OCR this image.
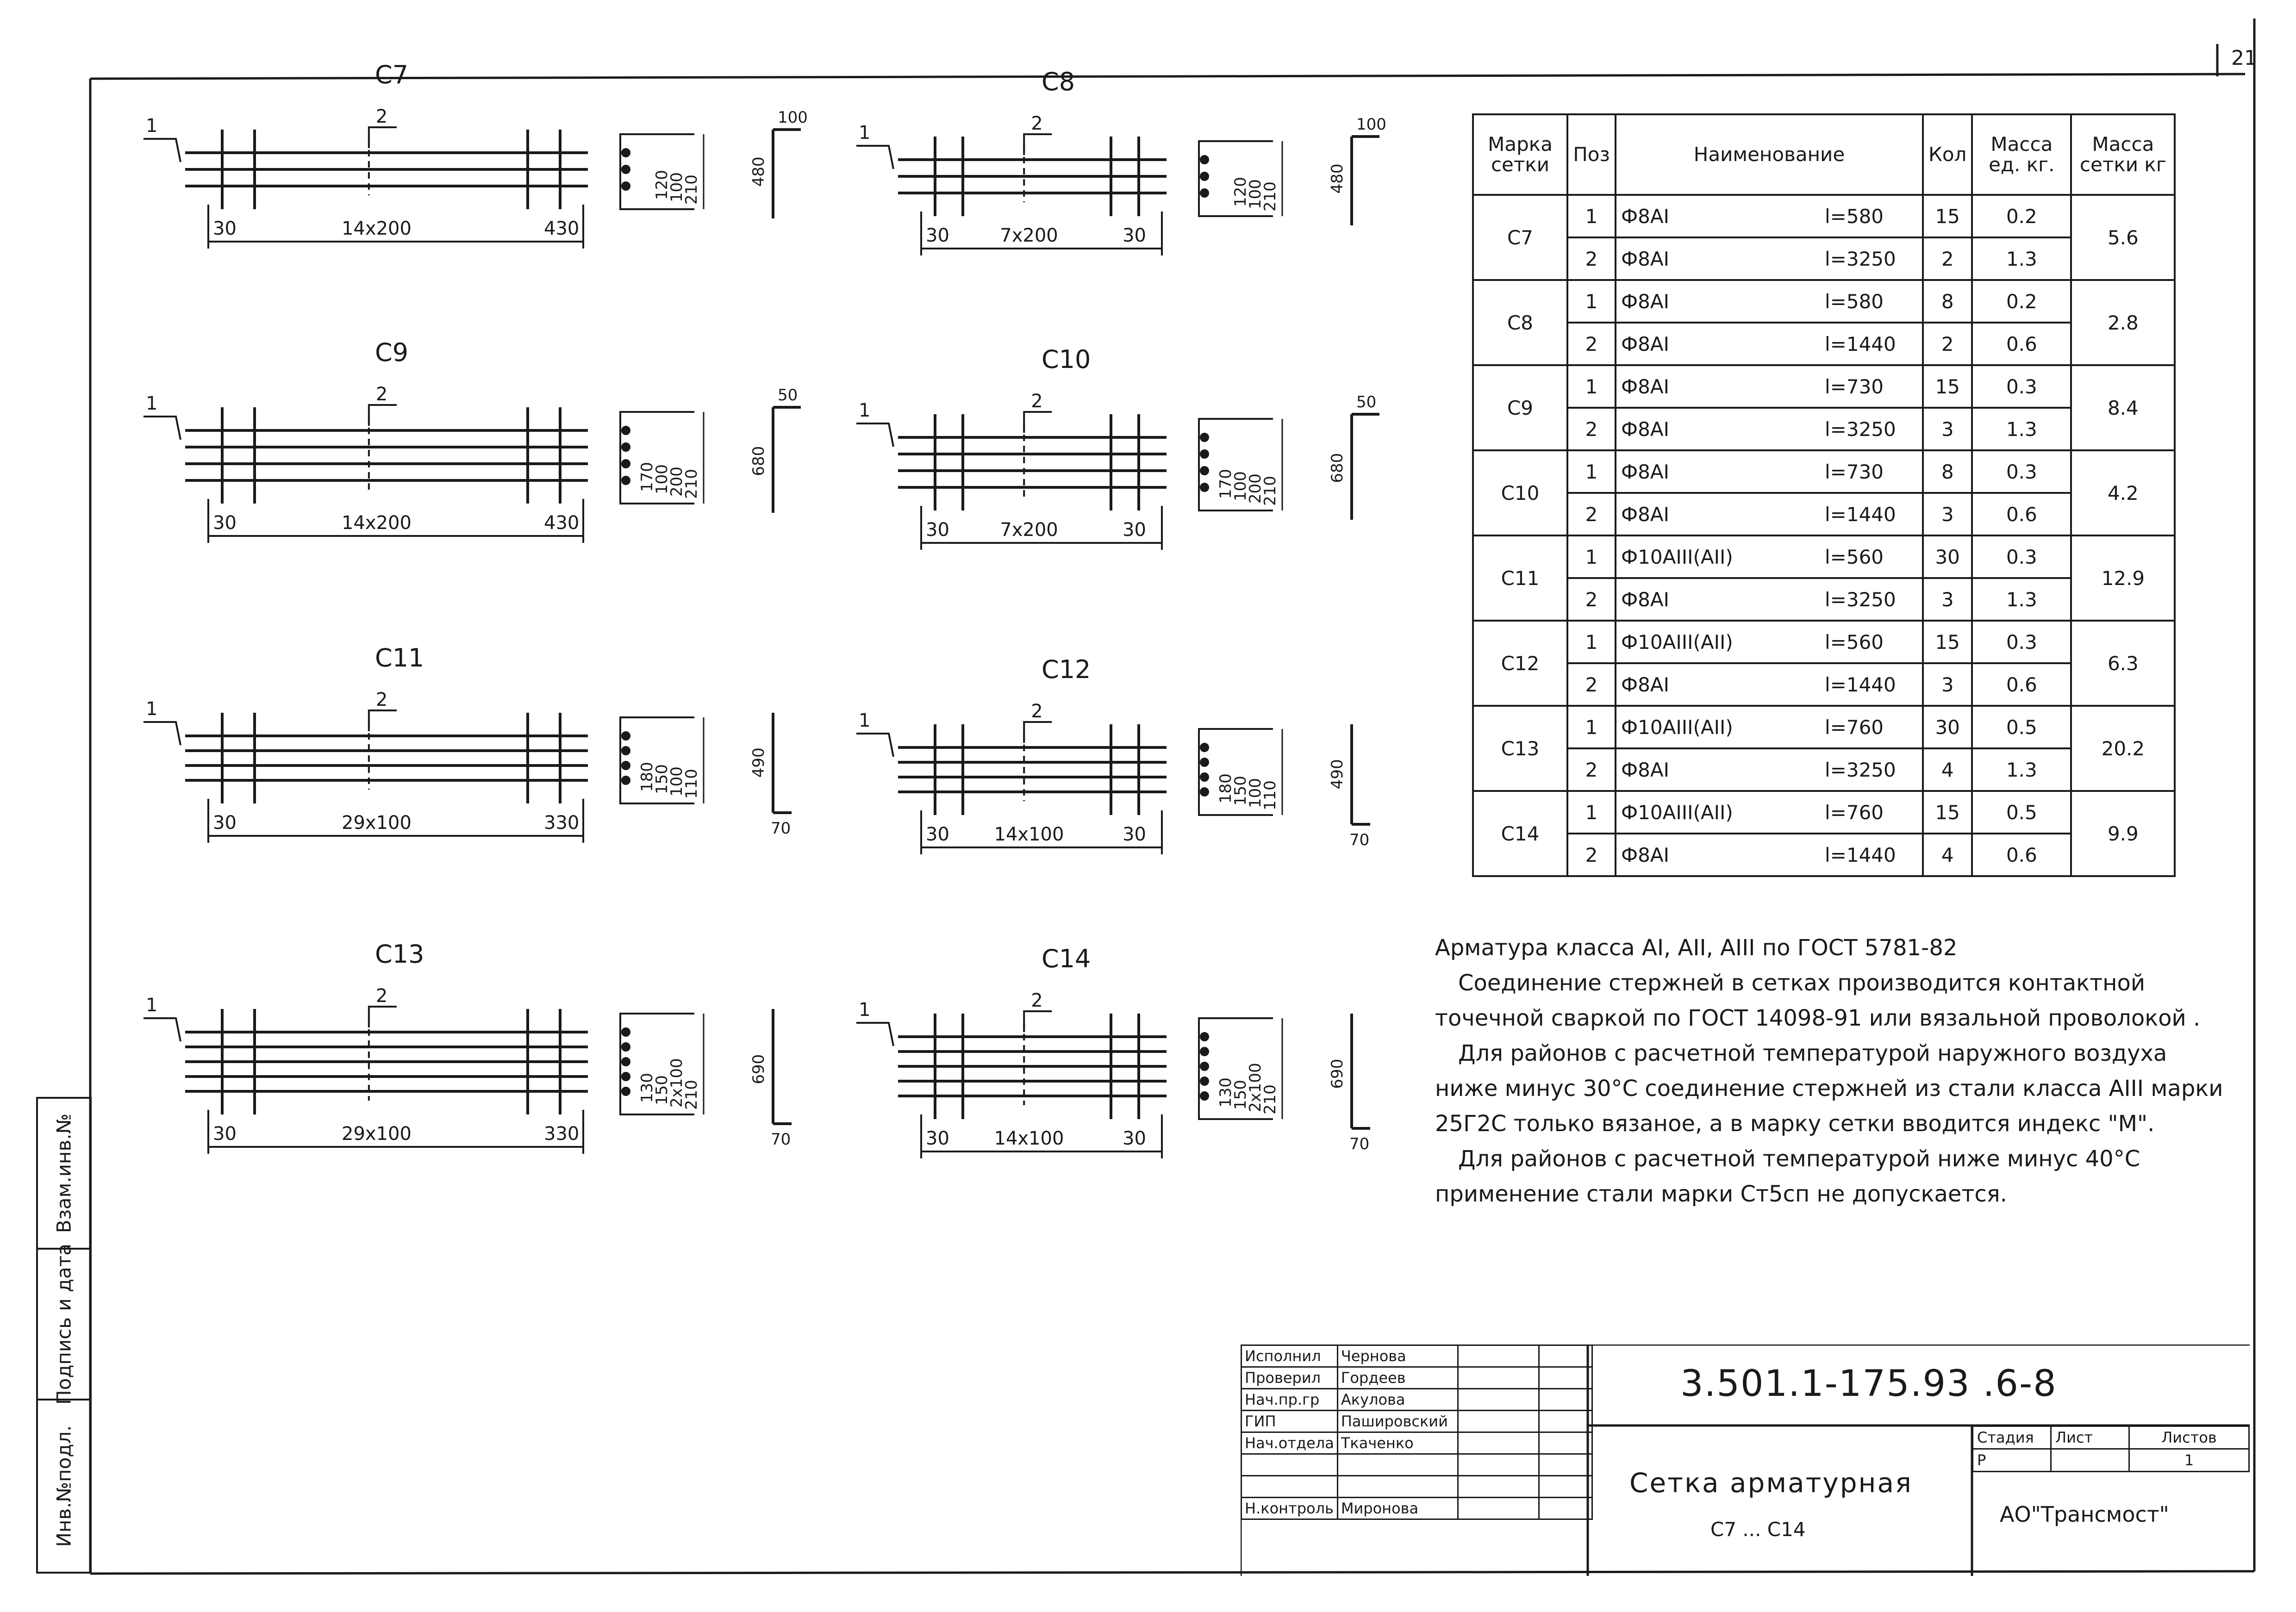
21
C7
1	2
30	14x200	430
210
100
120
100
480
C8
1	2
30	7x200	30
210
100
120
100
480
C9
1	2
30	14x200	430
210
200
100
170
50
680
C10
1	2
30	7x200	30
210
200
100
170
50
680
C11
1	2
30	29x100	330
110
100
150
180
70
490
C12
1	2
30 14x100	30
110
100
150
180
70
490
C13
1	2
30	29x100	330
210
2x100
150
130
70
690
C14
1	2
30 14x100	30
210
2x100
150
130
70
690
Марка сетки	Поз	Наименование		Кол	Масса ед. кг.	Масса сетки кг
C7	1	Ф8АI	l=580	15	0.2	5.6
	2	Ф8АI	l=3250	2	1.3	
C8	1	Ф8АI	l=580	8	0.2	2.8
	2	Ф8АI	l=1440	2	0.6	
C9	1	Ф8АI	l=730	15	0.3	8.4
	2	Ф8АI	l=3250	3	1.3	
C10	1	Ф8АI	l=730	8	0.3	4.2
	2	Ф8АI	l=1440	3	0.6	
C11	1	Ф10АIII(АII)	l=560	30	0.3	12.9
	2	Ф8АI	l=3250	3	1.3	
C12	1	Ф10АIII(АII)	l=560	15	0.3	6.3
	2	Ф8АI	l=1440	3	0.6	
C13	1	Ф10АIII(АII)	l=760	30	0.5	20.2
	2	Ф8АI	l=3250	4	1.3	
C14	1	Ф10АIII(АII)	l=760	15	0.5	9.9
	2	Ф8АI	l=1440	4	0.6	

Арматура класса АI, АII, АIII по ГОСТ 5781-82

Соединение стержней в сетках производится контактной точечной сваркой по ГОСТ 14098-91 или вязальной проволокой .

Для районов с расчетной температурой наружного воздуха ниже минус 30°С соединение стержней из стали класса АIII марки 25Г2С только вязаное, а в марку сетки вводится индекс "М".

Для районов с расчетной температурой ниже минус 40°С применение стали марки Ст5сп не допускается.

Взам.инв.№
Подпись и дата
Инв.№подл.
Исполнил	Чернова		
Проверил	Гордеев		
Нач.пр.гр	Акулова		
ГИП	Пашировский		
Нач.отдела	Ткаченко		

Н.контроль	Миронова		
3.501.1-175.93 .6-8
Сетка арматурная
С7 ... С14
Стадия	Лист	Листов
Р		1
АО"Трансмост"
